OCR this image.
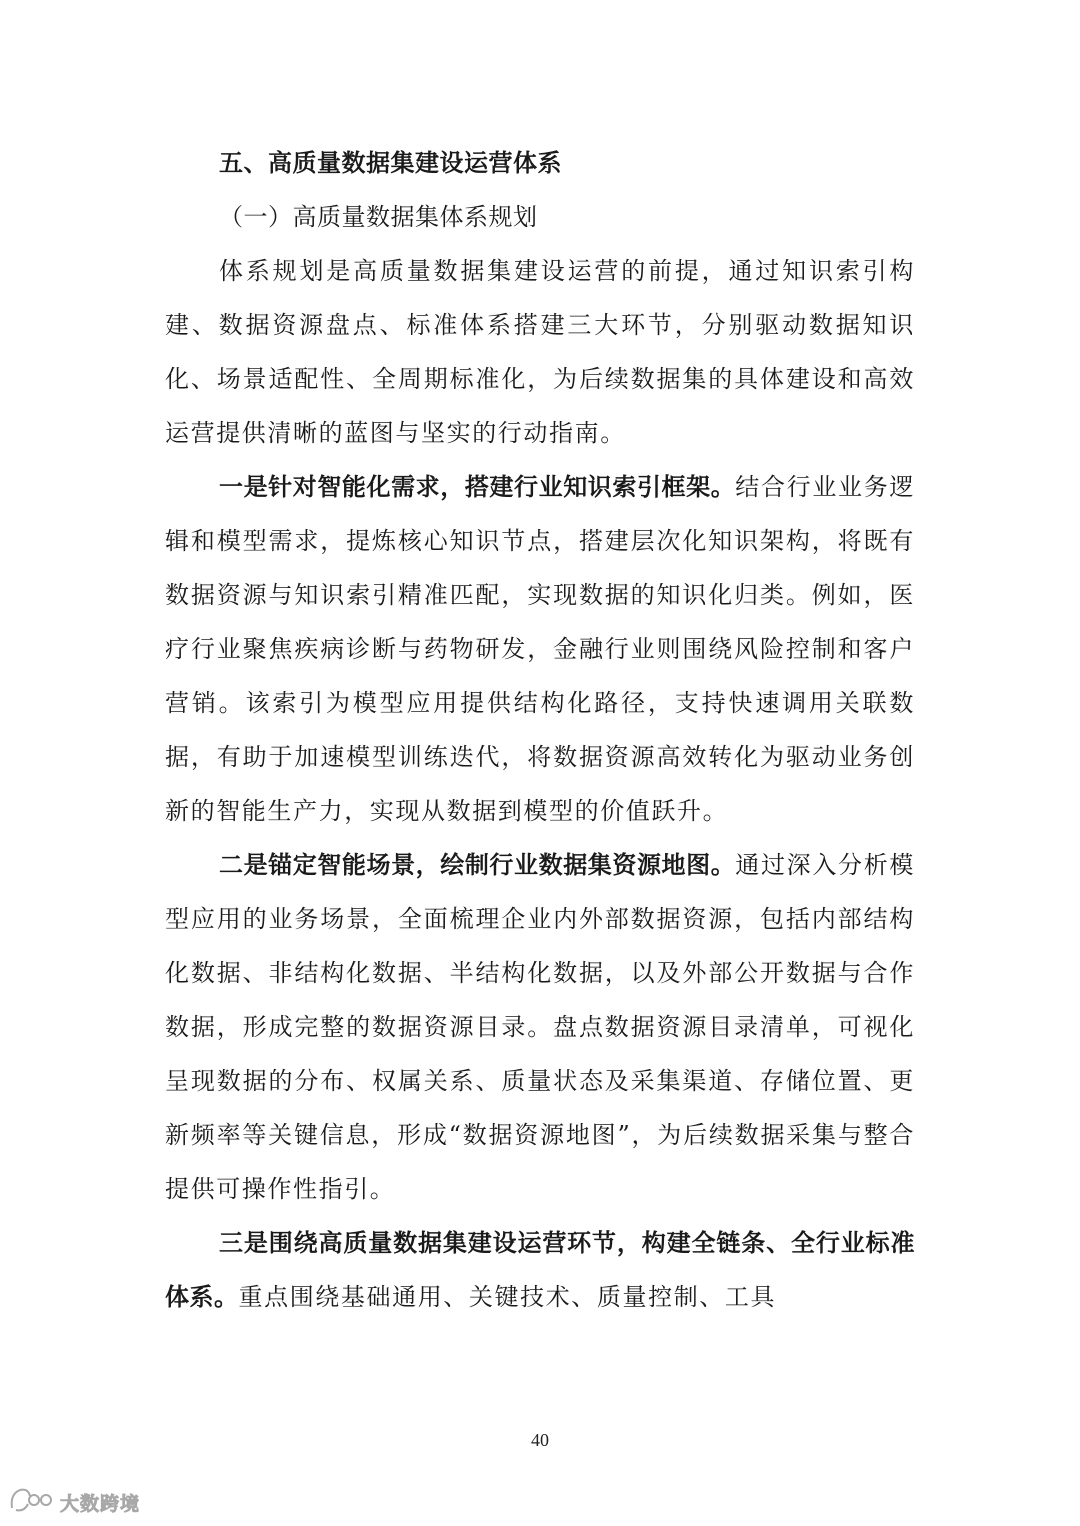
五、高质量数据集建设运营体系

（一）高质量数据集体系规划

体系规划是高质量数据集建设运营的前提，通过知识索引构建、数据资源盘点、标准体系搭建三大环节，分别驱动数据知识化、场景适配性、全周期标准化，为后续数据集的具体建设和高效运营提供清晰的蓝图与坚实的行动指南。

一是针对智能化需求，搭建行业知识索引框架。结合行业业务逻辑和模型需求，提炼核心知识节点，搭建层次化知识架构，将既有数据资源与知识索引精准匹配，实现数据的知识化归类。例如，医疗行业聚焦疾病诊断与药物研发，金融行业则围绕风险控制和客户营销。该索引为模型应用提供结构化路径，支持快速调用关联数据，有助于加速模型训练迭代，将数据资源高效转化为驱动业务创新的智能生产力，实现从数据到模型的价值跃升。

二是锚定智能场景，绘制行业数据集资源地图。通过深入分析模型应用的业务场景，全面梳理企业内外部数据资源，包括内部结构化数据、非结构化数据、半结构化数据，以及外部公开数据与合作数据，形成完整的数据资源目录。盘点数据资源目录清单，可视化呈现数据的分布、权属关系、质量状态及采集渠道、存储位置、更新频率等关键信息，形成“数据资源地图”，为后续数据采集与整合提供可操作性指引。

三是围绕高质量数据集建设运营环节，构建全链条、全行业标准体系。重点围绕基础通用、关键技术、质量控制、工具

40
大数跨境
